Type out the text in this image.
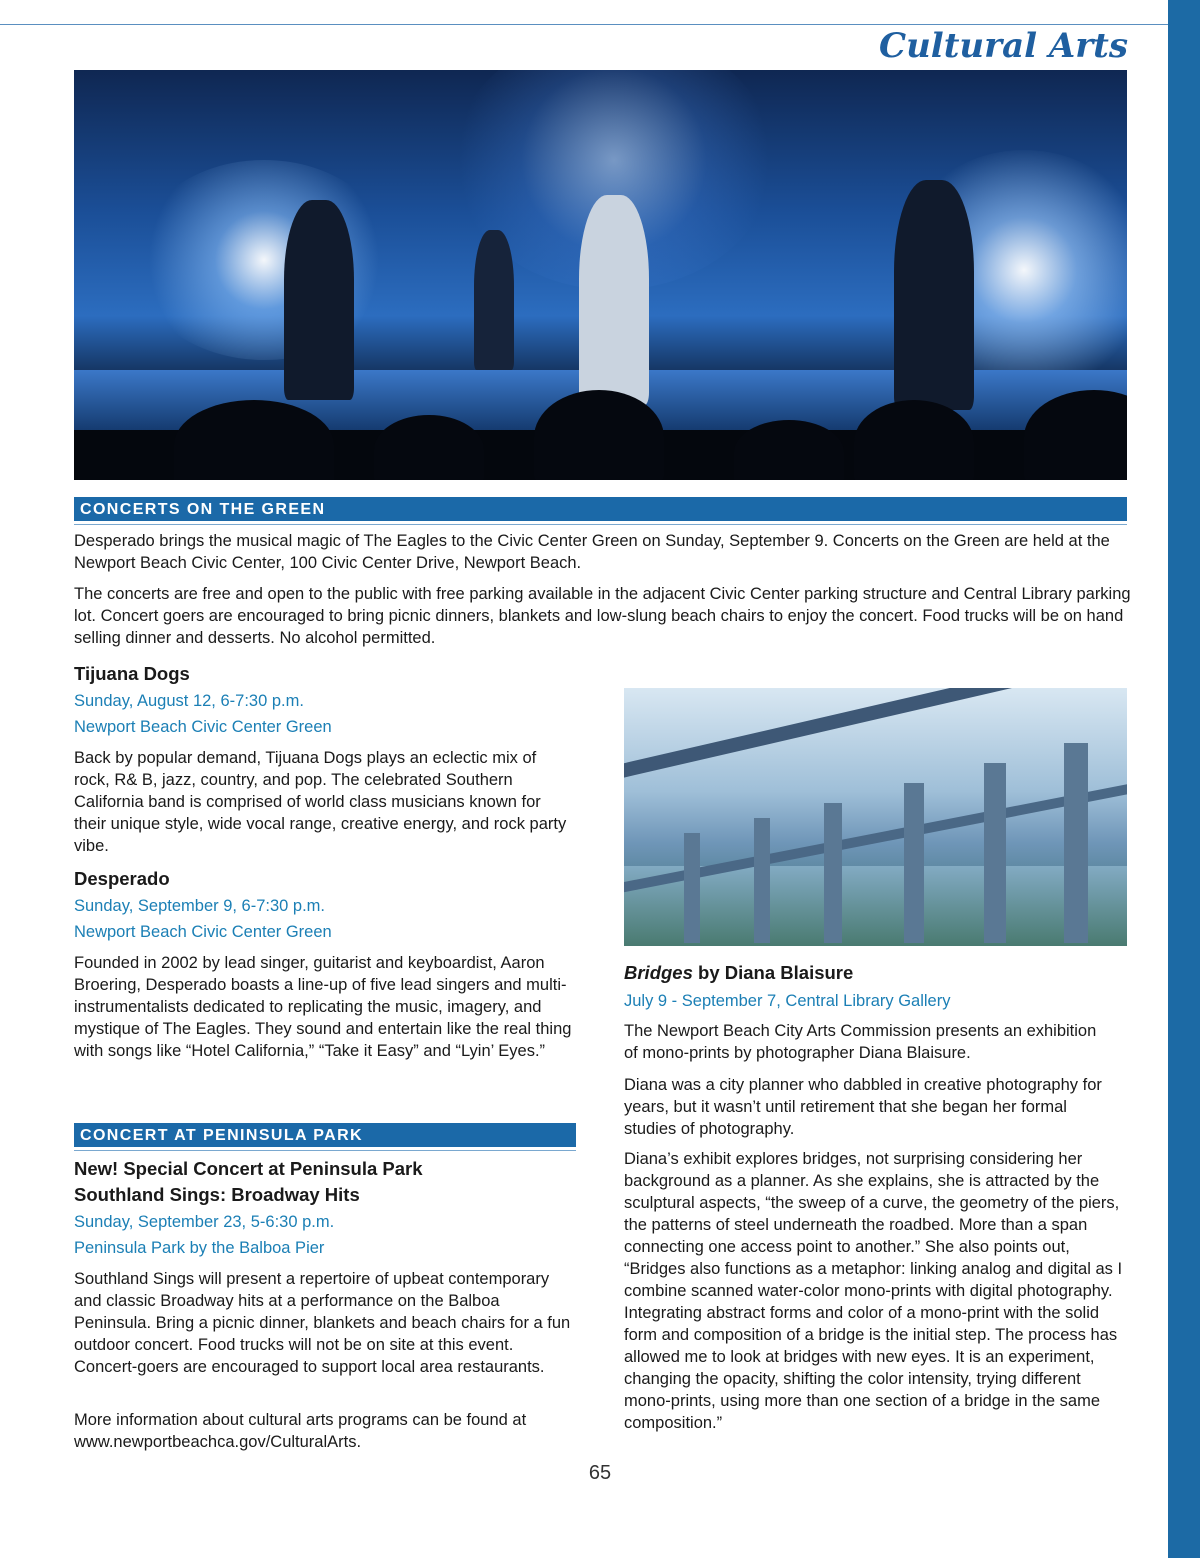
Cultural Arts
CONCERTS ON THE GREEN

Desperado brings the musical magic of The Eagles to the Civic Center Green on Sunday, September 9. Concerts on the Green are held at the Newport Beach Civic Center, 100 Civic Center Drive, Newport Beach.

The concerts are free and open to the public with free parking available in the adjacent Civic Center parking structure and Central Library parking lot. Concert goers are encouraged to bring picnic dinners, blankets and low-slung beach chairs to enjoy the concert. Food trucks will be on hand selling dinner and desserts. No alcohol permitted.

Tijuana Dogs

Sunday, August 12, 6-7:30 p.m.

Newport Beach Civic Center Green

Back by popular demand, Tijuana Dogs plays an eclectic mix of rock, R& B, jazz, country, and pop. The celebrated Southern California band is comprised of world class musicians known for their unique style, wide vocal range, creative energy, and rock party vibe.

Desperado

Sunday, September 9, 6-7:30 p.m.

Newport Beach Civic Center Green

Founded in 2002 by lead singer, guitarist and keyboardist, Aaron Broering, Desperado boasts a line-up of five lead singers and multi-instrumentalists dedicated to replicating the music, imagery, and mystique of The Eagles. They sound and entertain like the real thing with songs like “Hotel California,” “Take it Easy” and “Lyin’ Eyes.”

CONCERT AT PENINSULA PARK
New! Special Concert at Peninsula Park
Southland Sings: Broadway Hits

Sunday, September 23, 5-6:30 p.m.

Peninsula Park by the Balboa Pier

Southland Sings will present a repertoire of upbeat contemporary and classic Broadway hits at a performance on the Balboa Peninsula. Bring a picnic dinner, blankets and beach chairs for a fun outdoor concert. Food trucks will not be on site at this event. Concert-goers are encouraged to support local area restaurants.

More information about cultural arts programs can be found at www.newportbeachca.gov/CulturalArts.

Bridges by Diana Blaisure

July 9 - September 7, Central Library Gallery

The Newport Beach City Arts Commission presents an exhibition of mono-prints by photographer Diana Blaisure.

Diana was a city planner who dabbled in creative photography for years, but it wasn’t until retirement that she began her formal studies of photography.

Diana’s exhibit explores bridges, not surprising considering her background as a planner. As she explains, she is attracted by the sculptural aspects, “the sweep of a curve, the geometry of the piers, the patterns of steel underneath the roadbed. More than a span connecting one access point to another.” She also points out, “Bridges also functions as a metaphor: linking analog and digital as I combine scanned water-color mono-prints with digital photography. Integrating abstract forms and color of a mono-print with the solid form and composition of a bridge is the initial step. The process has allowed me to look at bridges with new eyes. It is an experiment, changing the opacity, shifting the color intensity, trying different mono-prints, using more than one section of a bridge in the same composition.”

65
